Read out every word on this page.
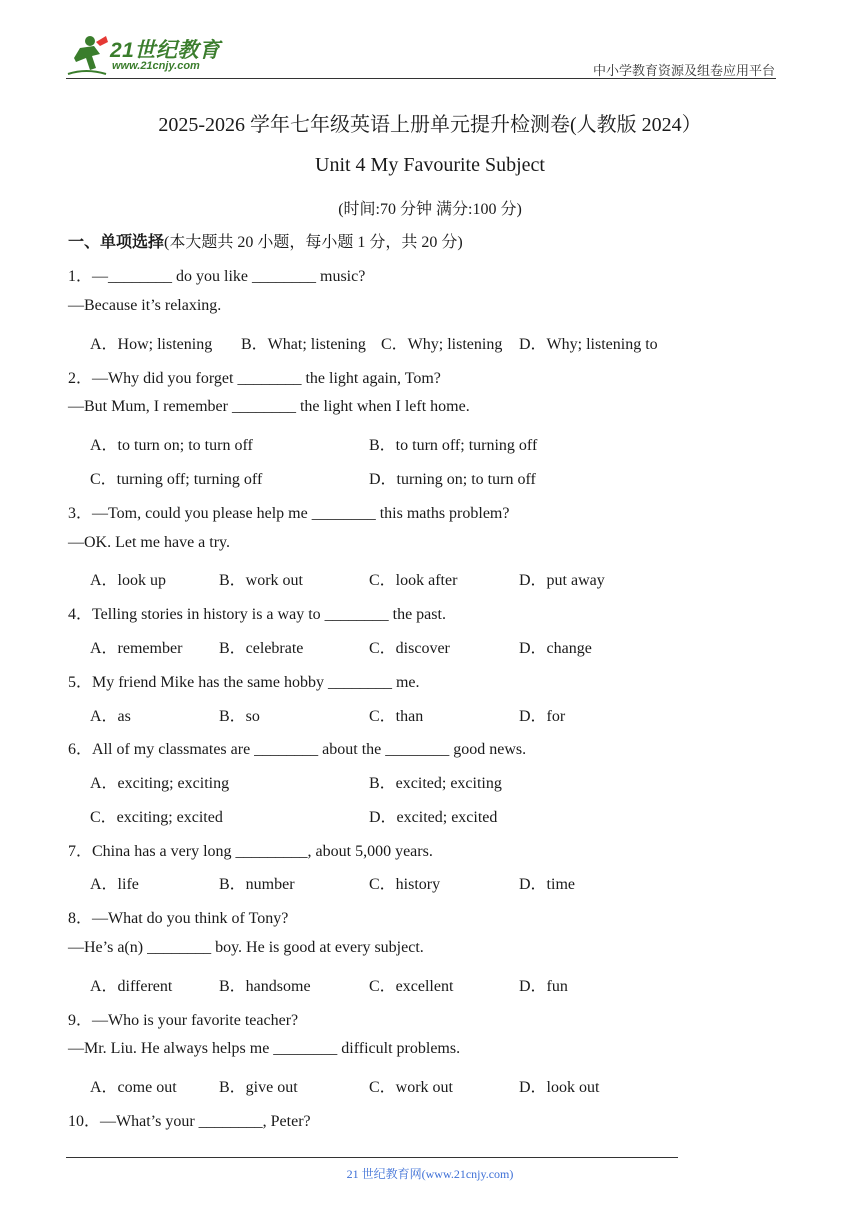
21世纪教育
www.21cnjy.com	中小学教育资源及组卷应用平台
2025-2026 学年七年级英语上册单元提升检测卷(人教版 2024）
Unit 4 My Favourite Subject
(时间:70 分钟 满分:100 分)
一、单项选择(本大题共 20 小题，每小题 1 分，共 20 分)
1．—________ do you like ________ music?
—Because it’s relaxing.
A．How; listening B．What; listening C．Why; listening D．Why; listening to
2．—Why did you forget ________ the light again, Tom?
—But Mum, I remember ________ the light when I left home.
A．to turn on; to turn off	B．to turn off; turning off
C．turning off; turning off	D．turning on; to turn off
3．—Tom, could you please help me ________ this maths problem?
—OK. Let me have a try.
A．look up	B．work out	C．look after	D．put away
4．Telling stories in history is a way to ________ the past.
A．remember B．celebrate	C．discover	D．change
5．My friend Mike has the same hobby ________ me.
A．as	B．so	C．than	D．for
6．All of my classmates are ________ about the ________ good news.
A．exciting; exciting	B．excited; exciting
C．exciting; excited	D．excited; excited
7．China has a very long _________, about 5,000 years.
A．life	B．number	C．history	D．time
8．—What do you think of Tony?
—He’s a(n) ________ boy. He is good at every subject.
A．different	B．handsome	C．excellent	D．fun
9．—Who is your favorite teacher?
—Mr. Liu. He always helps me ________ difficult problems.
A．come out	B．give out	C．work out	D．look out
10．—What’s your ________, Peter?
21 世纪教育网(www.21cnjy.com)
